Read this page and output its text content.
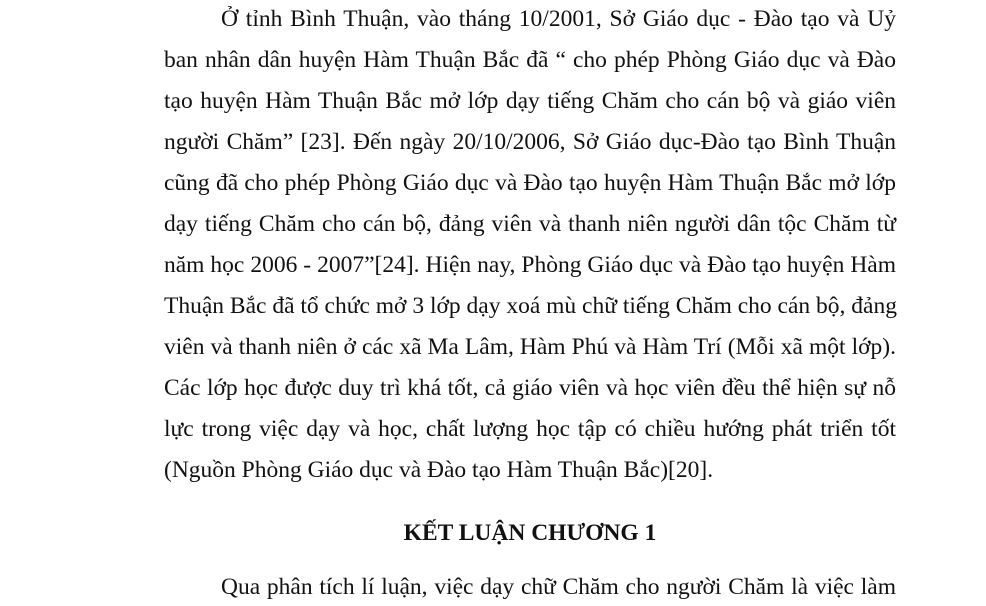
Ở tỉnh Bình Thuận, vào tháng 10/2001, Sở Giáo dục - Đào tạo và Uỷ
ban nhân dân huyện Hàm Thuận Bắc đã “ cho phép Phòng Giáo dục và Đào
tạo huyện Hàm Thuận Bắc mở lớp dạy tiếng Chăm cho cán bộ và giáo viên
người Chăm” [23]. Đến ngày 20/10/2006, Sở Giáo dục-Đào tạo Bình Thuận
cũng đã cho phép Phòng Giáo dục và Đào tạo huyện Hàm Thuận Bắc mở lớp
dạy tiếng Chăm cho cán bộ, đảng viên và thanh niên người dân tộc Chăm từ
năm học 2006 - 2007”[24]. Hiện nay, Phòng Giáo dục và Đào tạo huyện Hàm
Thuận Bắc đã tổ chức mở 3 lớp dạy xoá mù chữ tiếng Chăm cho cán bộ, đảng
viên và thanh niên ở các xã Ma Lâm, Hàm Phú và Hàm Trí (Mỗi xã một lớp).
Các lớp học được duy trì khá tốt, cả giáo viên và học viên đều thể hiện sự nỗ
lực trong việc dạy và học, chất lượng học tập có chiều hướng phát triển tốt
(Nguồn Phòng Giáo dục và Đào tạo Hàm Thuận Bắc)[20].
KẾT LUẬN CHƯƠNG 1
Qua phân tích lí luận, việc dạy chữ Chăm cho người Chăm là việc làm
